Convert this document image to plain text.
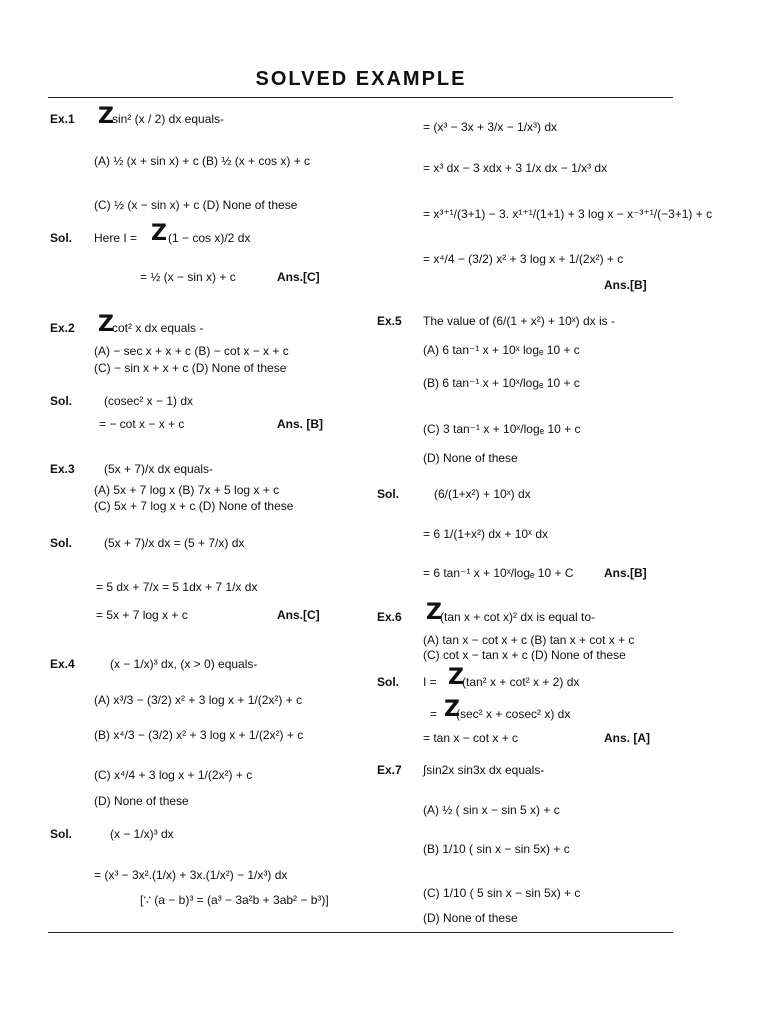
SOLVED EXAMPLE
Ex.1 Z
sin² (x / 2) dx equals-
(A) ½ (x + sin x) + c (B) ½ (x + cos x) + c
(C) ½ (x − sin x) + c (D) None of these
Sol. Here I = Z (1 − cos x)/2 dx
= ½ (x − sin x) + c	Ans.[C]
Ex.2 Z
cot² x dx equals -
(A) − sec x + x + c (B) − cot x − x + c
(C) − sin x + x + c (D) None of these
Sol.	(cosec² x − 1) dx
= − cot x − x + c	Ans. [B]
Ex.3 (5x + 7)/x dx equals-
(A) 5x + 7 log x (B) 7x + 5 log x + c
(C) 5x + 7 log x + c (D) None of these
Sol.	(5x + 7)/x dx = (5 + 7/x) dx
= 5 dx + 7/x = 5 1dx + 7 1/x dx
= 5x + 7 log x + c	Ans.[C]
Ex.4	(x − 1/x)³ dx, (x > 0) equals-
(A) x³/3 − (3/2) x² + 3 log x + 1/(2x²) + c
(B) x⁴/3 − (3/2) x² + 3 log x + 1/(2x²) + c
(C) x⁴/4 + 3 log x + 1/(2x²) + c
(D) None of these
Sol.	(x − 1/x)³ dx
= (x³ − 3x².(1/x) + 3x.(1/x²) − 1/x³) dx
[∵ (a − b)³ = (a³ − 3a²b + 3ab² − b³)]
= (x³ − 3x + 3/x − 1/x³) dx
= x³ dx − 3 xdx + 3 1/x dx − 1/x³ dx
= x³⁺¹/(3+1) − 3. x¹⁺¹/(1+1) + 3 log x − x⁻³⁺¹/(−3+1) + c
= x⁴/4 − (3/2) x² + 3 log x + 1/(2x²) + c
Ans.[B]
Ex.5 The value of (6/(1 + x²) + 10ˣ) dx is -
(A) 6 tan⁻¹ x + 10ˣ logₑ 10 + c
(B) 6 tan⁻¹ x + 10ˣ/logₑ 10 + c
(C) 3 tan⁻¹ x + 10ˣ/logₑ 10 + c
(D) None of these
Sol.	(6/(1+x²) + 10ˣ) dx
= 6 1/(1+x²) dx + 10ˣ dx
= 6 tan⁻¹ x + 10ˣ/logₑ 10 + C	Ans.[B]
Ex.6 Z
(tan x + cot x)² dx is equal to-
(A) tan x − cot x + c (B) tan x + cot x + c
(C) cot x − tan x + c (D) None of these
Sol. I = Z
(tan² x + cot² x + 2) dx
= Z
(sec² x + cosec² x) dx
= tan x − cot x + c	Ans. [A]
Ex.7 ∫sin2x sin3x dx equals-
(A) ½ ( sin x − sin 5 x) + c
(B) 1/10 ( sin x − sin 5x) + c
(C) 1/10 ( 5 sin x − sin 5x) + c
(D) None of these
